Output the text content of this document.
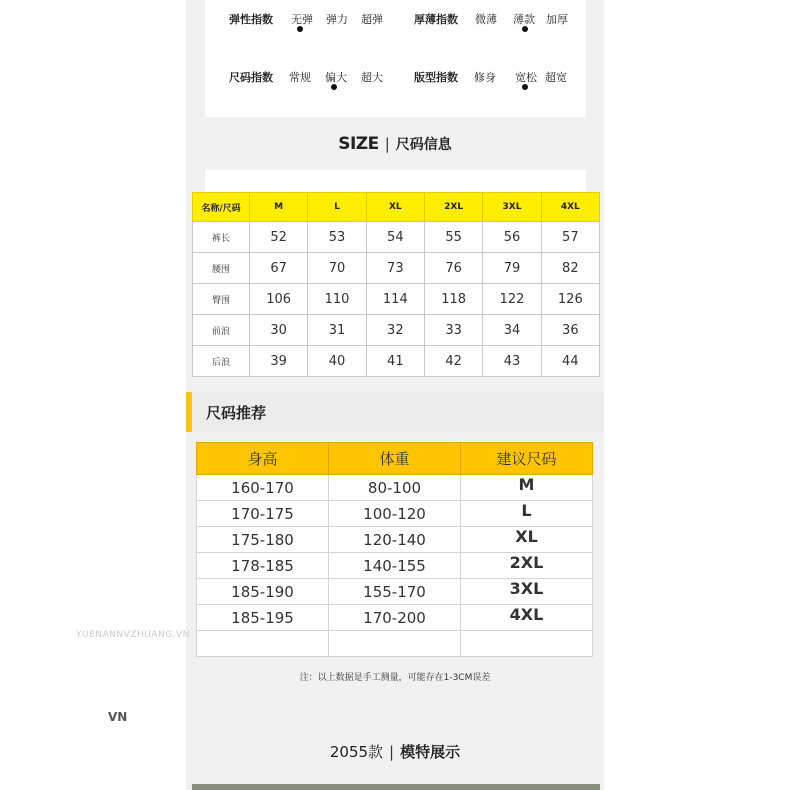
弹性指数 无弹 弹力 超弹	厚薄指数 微薄 薄款 加厚
尺码指数 常规 偏大 超大	版型指数 修身 宽松 超宽
SIZE | 尺码信息
名称/尺码	M	L	XL	2XL	3XL	4XL
裤长	52	53	54	55	56	57
腰围	67	70	73	76	79	82
臀围	106	110	114	118	122	126
前浪	30	31	32	33	34	36
后浪	39	40	41	42	43	44
尺码推荐
身高	体重	建议尺码
160-170	80-100	M
170-175	100-120	L
175-180	120-140	XL
178-185	140-155	2XL
185-190	155-170	3XL
185-195	170-200	4XL

注：以上数据是手工测量，可能存在1-3CM误差
YUENANNVZHUANG.VN
VN
2055款 | 模特展示
